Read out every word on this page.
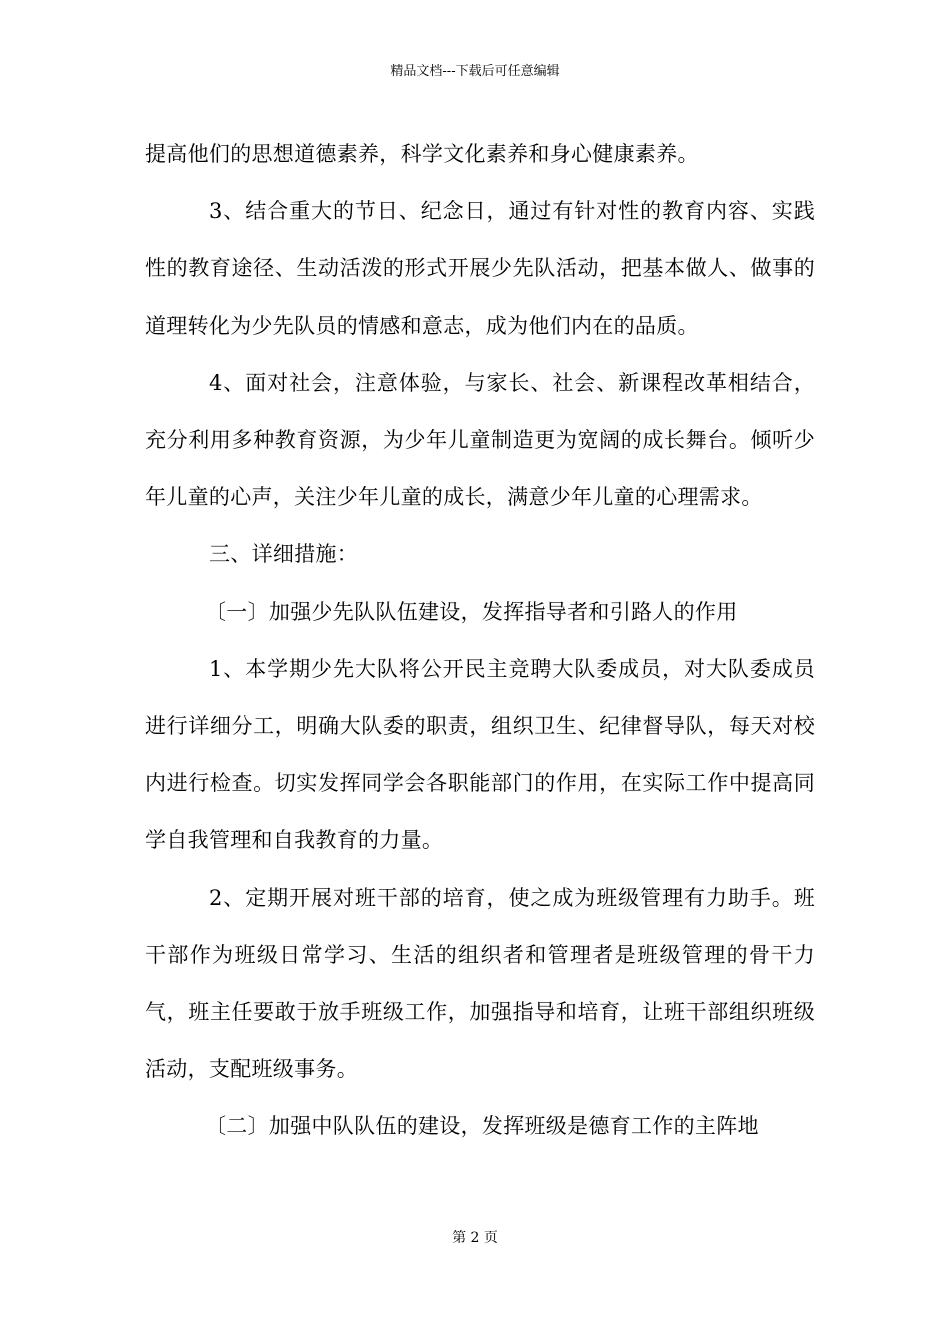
精品文档---下载后可任意编辑

提高他们的思想道德素养，科学文化素养和身心健康素养。

3、结合重大的节日、纪念日，通过有针对性的教育内容、实践性的教育途径、生动活泼的形式开展少先队活动，把基本做人、做事的道理转化为少先队员的情感和意志，成为他们内在的品质。

4、面对社会，注意体验，与家长、社会、新课程改革相结合，充分利用多种教育资源，为少年儿童制造更为宽阔的成长舞台。倾听少年儿童的心声，关注少年儿童的成长，满意少年儿童的心理需求。

三、详细措施：

〔一〕加强少先队队伍建设，发挥指导者和引路人的作用

1、本学期少先大队将公开民主竞聘大队委成员，对大队委成员进行详细分工，明确大队委的职责，组织卫生、纪律督导队，每天对校内进行检查。切实发挥同学会各职能部门的作用，在实际工作中提高同学自我管理和自我教育的力量。

2、定期开展对班干部的培育，使之成为班级管理有力助手。班干部作为班级日常学习、生活的组织者和管理者是班级管理的骨干力气，班主任要敢于放手班级工作，加强指导和培育，让班干部组织班级活动，支配班级事务。

〔二〕加强中队队伍的建设，发挥班级是德育工作的主阵地

第 2 页
